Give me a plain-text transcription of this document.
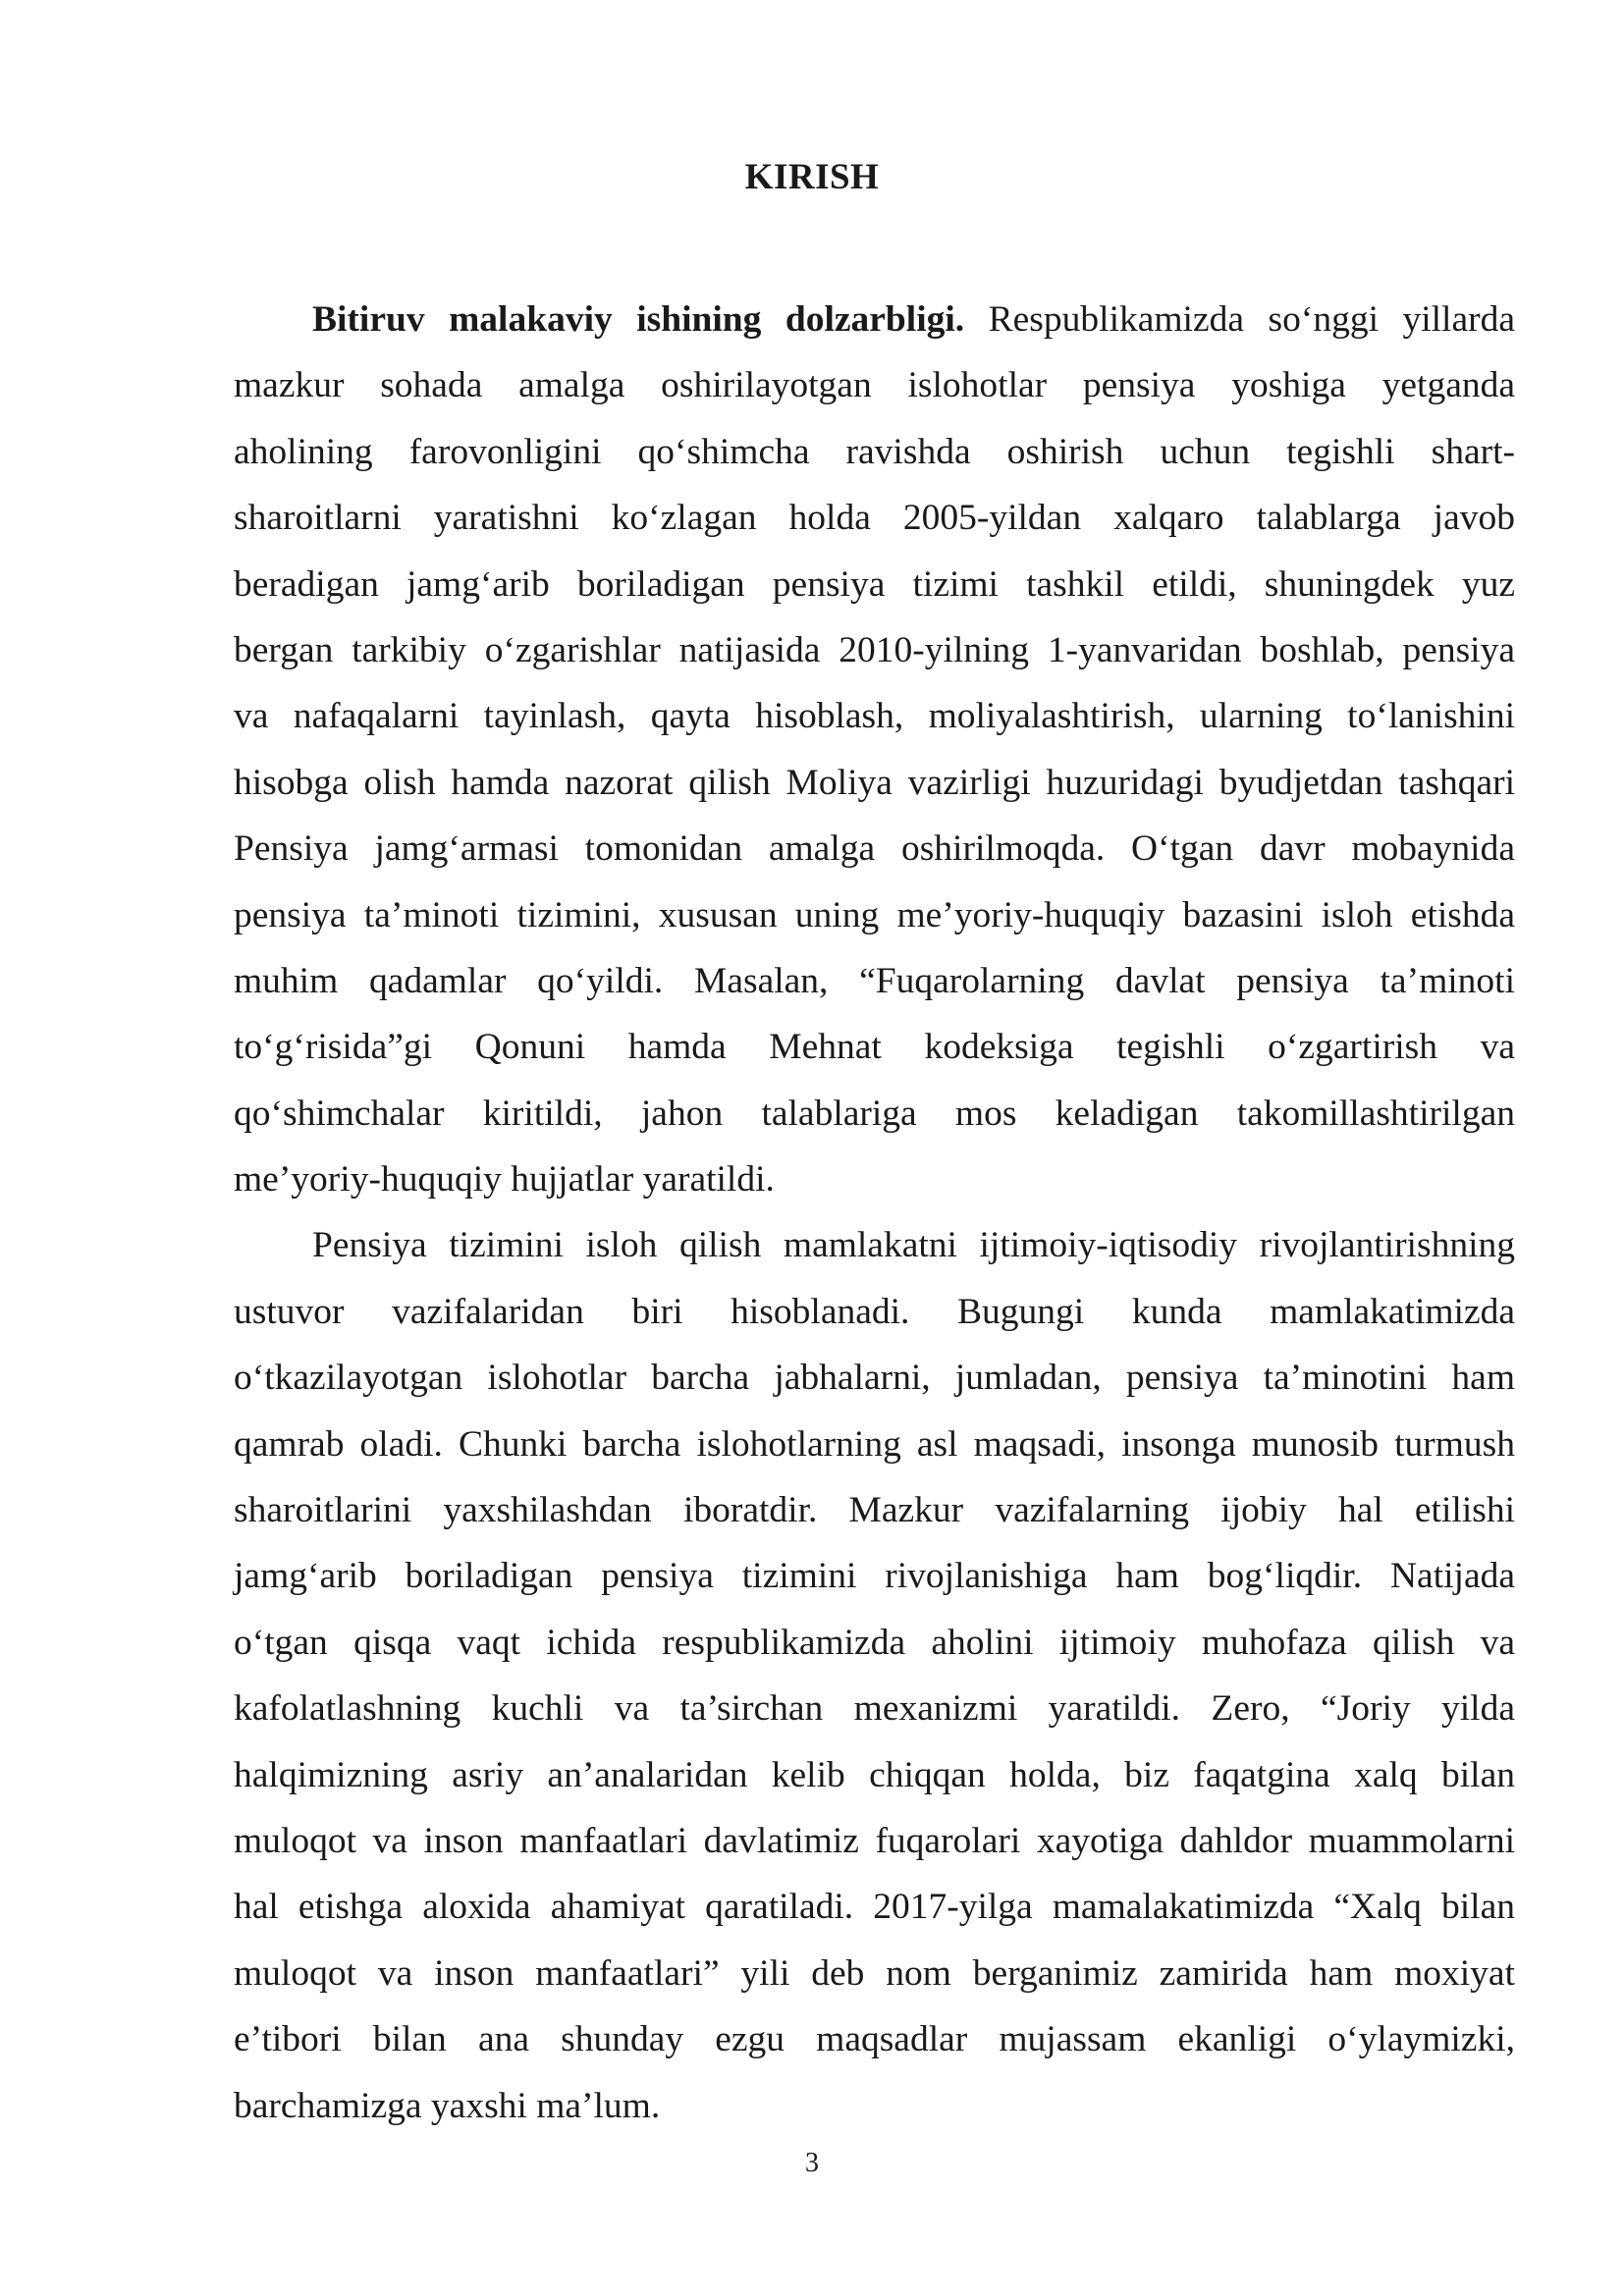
KIRISH
Bitiruv malakaviy ishining dolzarbligi. Respublikamizda so‘nggi yillarda
mazkur sohada amalga oshirilayotgan islohotlar pensiya yoshiga yetganda
aholining farovonligini qo‘shimcha ravishda oshirish uchun tegishli shart-
sharoitlarni yaratishni ko‘zlagan holda 2005-yildan xalqaro talablarga javob
beradigan jamg‘arib boriladigan pensiya tizimi tashkil etildi, shuningdek yuz
bergan tarkibiy o‘zgarishlar natijasida 2010-yilning 1-yanvaridan boshlab, pensiya
va nafaqalarni tayinlash, qayta hisoblash, moliyalashtirish, ularning to‘lanishini
hisobga olish hamda nazorat qilish Moliya vazirligi huzuridagi byudjetdan tashqari
Pensiya jamg‘armasi tomonidan amalga oshirilmoqda. O‘tgan davr mobaynida
pensiya ta’minoti tizimini, xususan uning me’yoriy-huquqiy bazasini isloh etishda
muhim qadamlar qo‘yildi. Masalan, “Fuqarolarning davlat pensiya ta’minoti
to‘g‘risida”gi Qonuni hamda Mehnat kodeksiga tegishli o‘zgartirish va
qo‘shimchalar kiritildi, jahon talablariga mos keladigan takomillashtirilgan
me’yoriy-huquqiy hujjatlar yaratildi.
Pensiya tizimini isloh qilish mamlakatni ijtimoiy-iqtisodiy rivojlantirishning
ustuvor vazifalaridan biri hisoblanadi. Bugungi kunda mamlakatimizda
o‘tkazilayotgan islohotlar barcha jabhalarni, jumladan, pensiya ta’minotini ham
qamrab oladi. Chunki barcha islohotlarning asl maqsadi, insonga munosib turmush
sharoitlarini yaxshilashdan iboratdir. Mazkur vazifalarning ijobiy hal etilishi
jamg‘arib boriladigan pensiya tizimini rivojlanishiga ham bog‘liqdir. Natijada
o‘tgan qisqa vaqt ichida respublikamizda aholini ijtimoiy muhofaza qilish va
kafolatlashning kuchli va ta’sirchan mexanizmi yaratildi. Zero, “Joriy yilda
halqimizning asriy an’analaridan kelib chiqqan holda, biz faqatgina xalq bilan
muloqot va inson manfaatlari davlatimiz fuqarolari xayotiga dahldor muammolarni
hal etishga aloxida ahamiyat qaratiladi. 2017-yilga mamalakatimizda “Xalq bilan
muloqot va inson manfaatlari” yili deb nom berganimiz zamirida ham moxiyat
e’tibori bilan ana shunday ezgu maqsadlar mujassam ekanligi o‘ylaymizki,
barchamizga yaxshi ma’lum.
3
